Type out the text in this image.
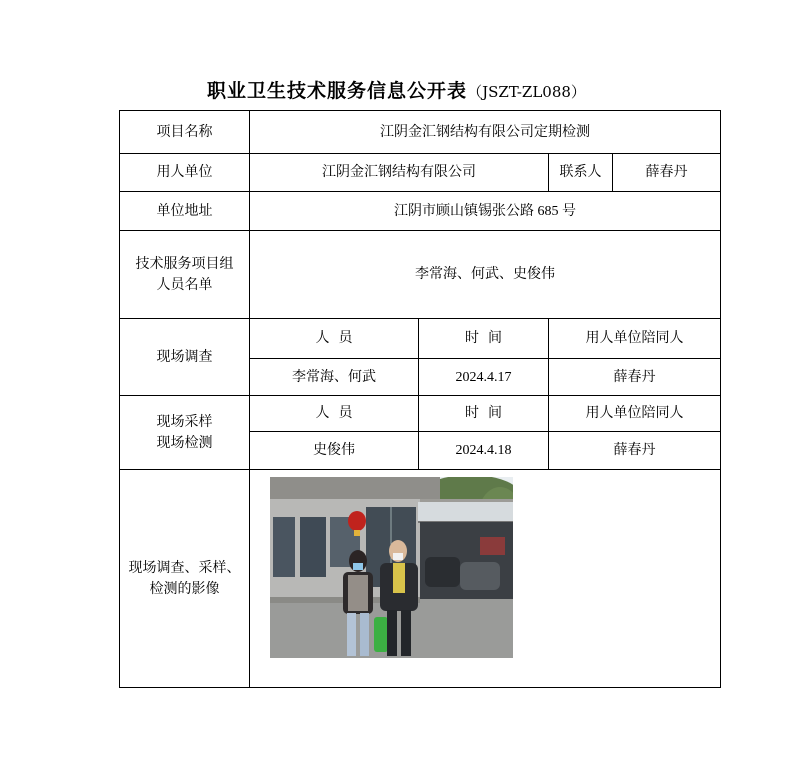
职业卫生技术服务信息公开表（JSZT-ZL088）
项目名称	江阴金汇钢结构有限公司定期检测			
用人单位	江阴金汇钢结构有限公司		联系人	薛春丹
单位地址	江阴市顾山镇锡张公路 685 号			
技术服务项目组人员名单	李常海、何武、史俊伟			
现场调查	人  员	时  间	用人单位陪同人	
	李常海、何武	2024.4.17	薛春丹	
现场采样现场检测	人  员	时  间	用人单位陪同人	
	史俊伟	2024.4.18	薛春丹	
现场调查、采样、检测的影像	
